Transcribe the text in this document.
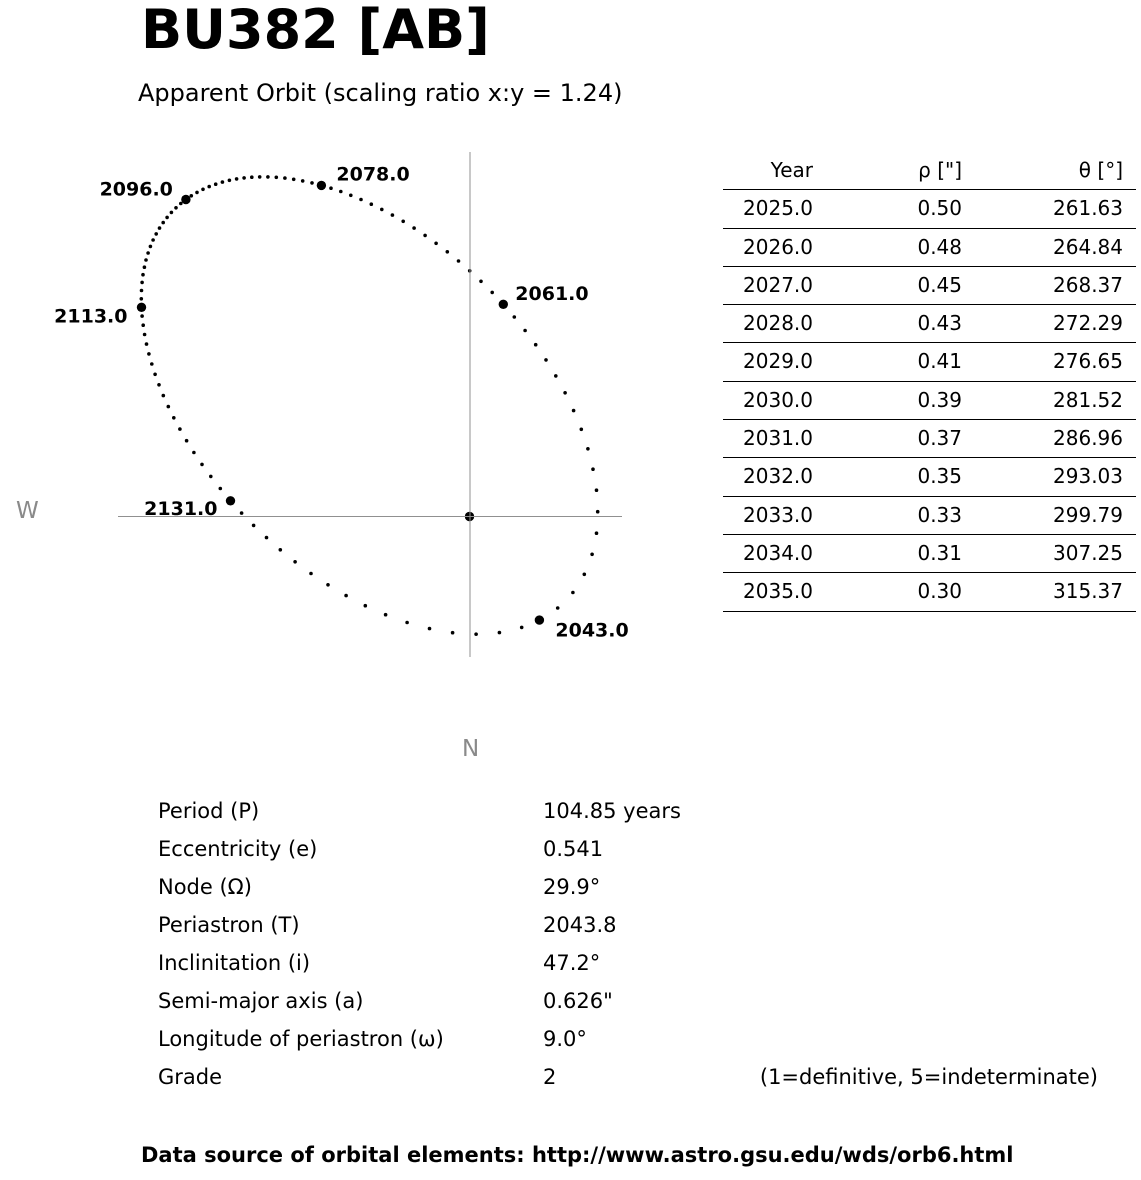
BU382 [AB]
Apparent Orbit (scaling ratio x:y = 1.24)
2043.0
2061.0
2078.0
2096.0
2113.0
2131.0
W
N
Year	ρ ["]	θ [°]
2025.0	0.50	261.63
2026.0	0.48	264.84
2027.0	0.45	268.37
2028.0	0.43	272.29
2029.0	0.41	276.65
2030.0	0.39	281.52
2031.0	0.37	286.96
2032.0	0.35	293.03
2033.0	0.33	299.79
2034.0	0.31	307.25
2035.0	0.30	315.37
Period (P)	104.85 years
Eccentricity (e)	0.541
Node (Ω)	29.9°
Periastron (T)	2043.8
Inclinitation (i)	47.2°
Semi-major axis (a)	0.626"
Longitude of periastron (ω)	9.0°
Grade	2	(1=definitive, 5=indeterminate)
Data source of orbital elements: http://www.astro.gsu.edu/wds/orb6.html
